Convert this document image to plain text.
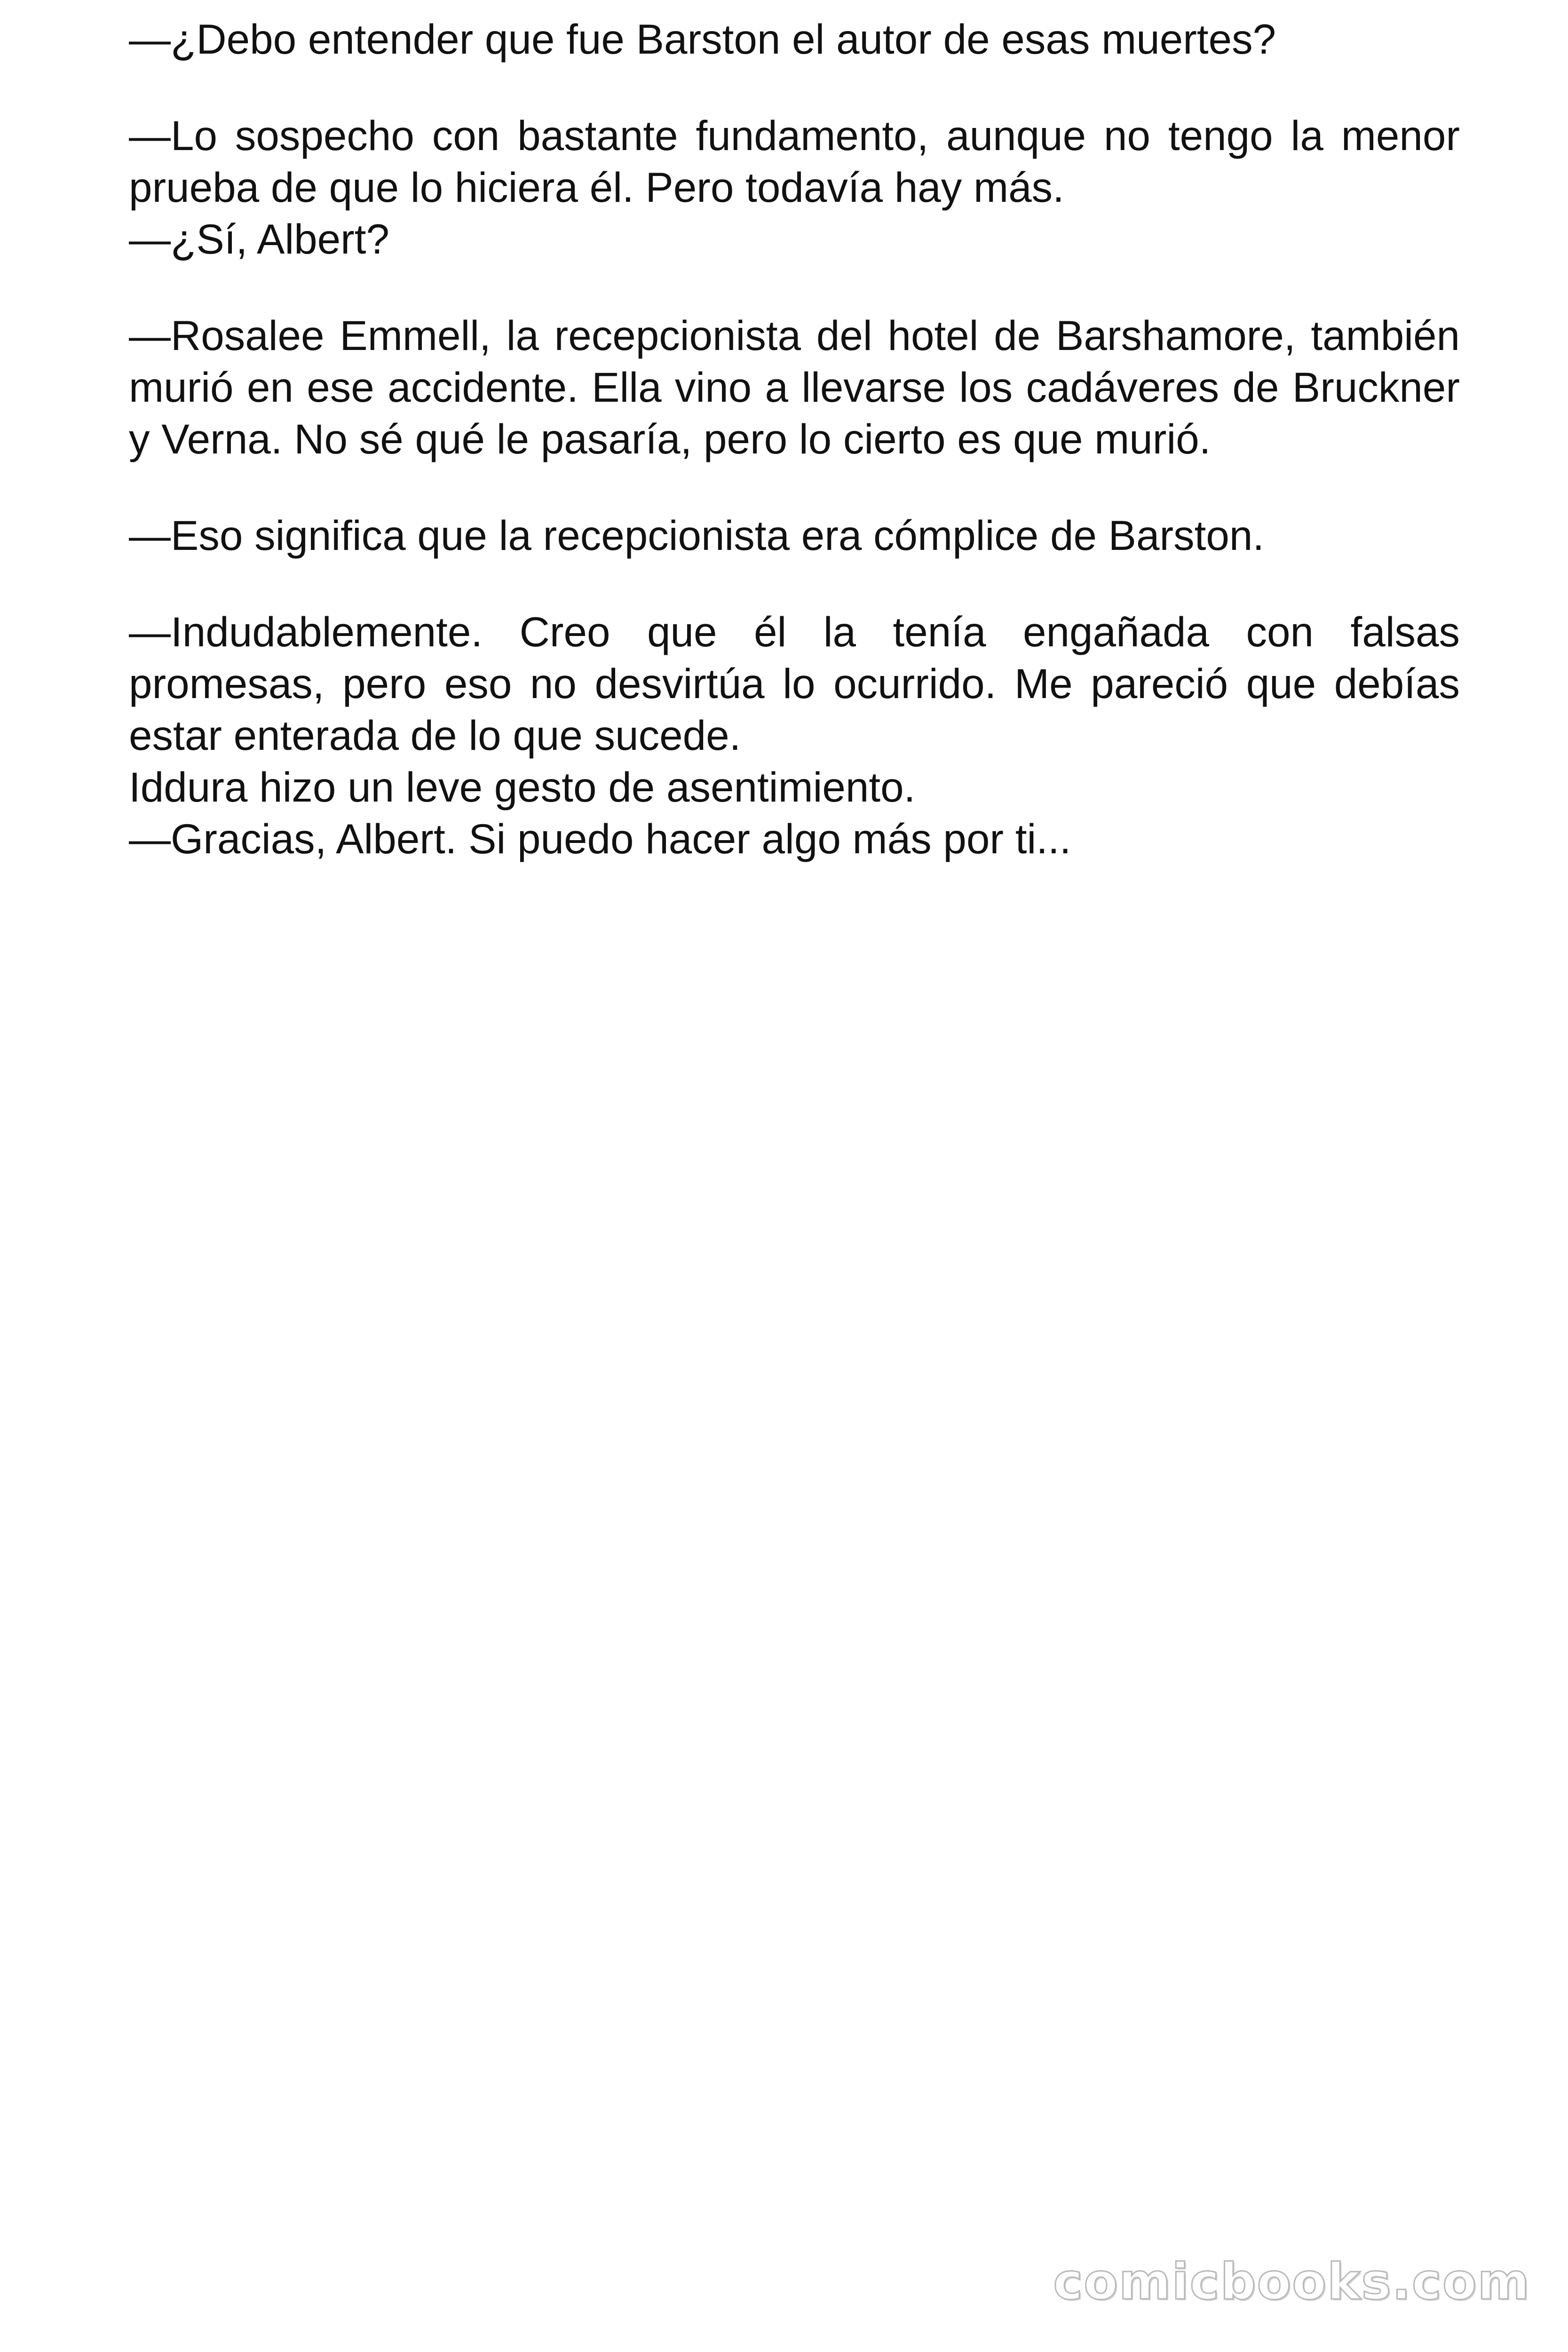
—¿Debo entender que fue Barston el autor de esas muertes?

—Lo sospecho con bastante fundamento, aunque no tengo la menor prueba de que lo hiciera él. Pero todavía hay más.

—¿Sí, Albert?

—Rosalee Emmell, la recepcionista del hotel de Barshamore, también murió en ese accidente. Ella vino a llevarse los cadáveres de Bruckner y Verna. No sé qué le pasaría, pero lo cierto es que murió.

—Eso significa que la recepcionista era cómplice de Barston.

—Indudablemente. Creo que él la tenía engañada con falsas promesas, pero eso no desvirtúa lo ocurrido. Me pareció que debías estar enterada de lo que sucede.

Iddura hizo un leve gesto de asentimiento.

—Gracias, Albert. Si puedo hacer algo más por ti...

comicbooks.com
